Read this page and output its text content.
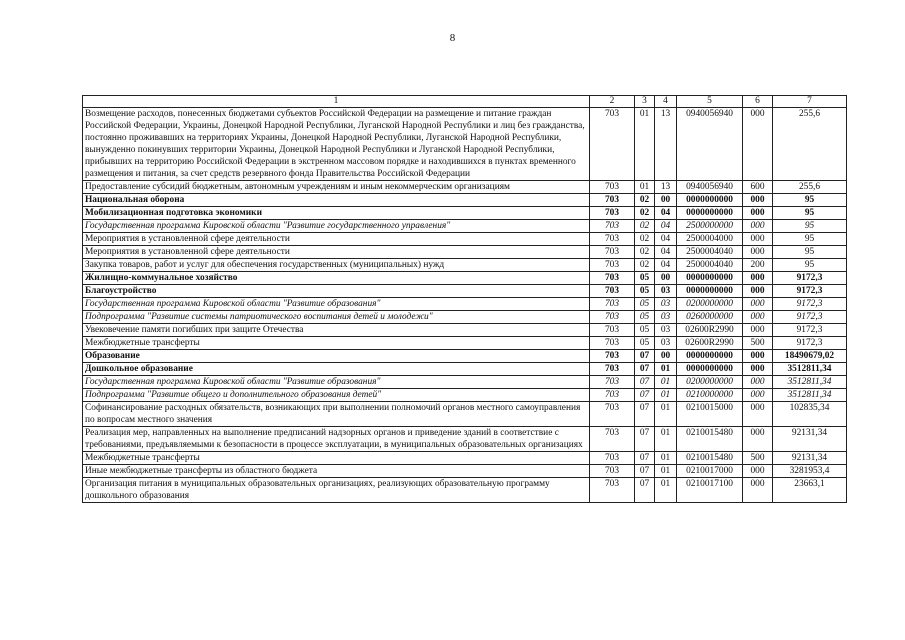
8
1	2	3	4	5	6	7
Возмещение расходов, понесенных бюджетами субъектов Российской Федерации на размещение и питание граждан Российской Федерации, Украины, Донецкой Народной Республики, Луганской Народной Республики и лиц без гражданства, постоянно проживавших на территориях Украины, Донецкой Народной Республики, Луганской Народной Республики, вынужденно покинувших территории Украины, Донецкой Народной Республики и Луганской Народной Республики, прибывших на территорию Российской Федерации в экстренном массовом порядке и находившихся в пунктах временного размещения и питания, за счет средств резервного фонда Правительства Российской Федерации	703	01	13	0940056940	000	255,6
Предоставление субсидий бюджетным, автономным учреждениям и иным некоммерческим организациям	703	01	13	0940056940	600	255,6
Национальная оборона	703	02	00	0000000000	000	95
Мобилизационная подготовка экономики	703	02	04	0000000000	000	95
Государственная программа Кировской области "Развитие государственного управления"	703	02	04	2500000000	000	95
Мероприятия в установленной сфере деятельности	703	02	04	2500004000	000	95
Мероприятия в установленной сфере деятельности	703	02	04	2500004040	000	95
Закупка товаров, работ и услуг для обеспечения государственных (муниципальных) нужд	703	02	04	2500004040	200	95
Жилищно-коммунальное хозяйство	703	05	00	0000000000	000	9172,3
Благоустройство	703	05	03	0000000000	000	9172,3
Государственная программа Кировской области "Развитие образования"	703	05	03	0200000000	000	9172,3
Подпрограмма "Развитие системы патриотического воспитания детей и молодежи"	703	05	03	0260000000	000	9172,3
Увековечение памяти погибших при защите Отечества	703	05	03	02600R2990	000	9172,3
Межбюджетные трансферты	703	05	03	02600R2990	500	9172,3
Образование	703	07	00	0000000000	000	18490679,02
Дошкольное образование	703	07	01	0000000000	000	3512811,34
Государственная программа Кировской области "Развитие образования"	703	07	01	0200000000	000	3512811,34
Подпрограмма "Развитие общего и дополнительного образования детей"	703	07	01	0210000000	000	3512811,34
Софинансирование расходных обязательств, возникающих при выполнении полномочий органов местного самоуправления по вопросам местного значения	703	07	01	0210015000	000	102835,34
Реализация мер, направленных на выполнение предписаний надзорных органов и приведение зданий в соответствие с требованиями, предъявляемыми к безопасности в процессе эксплуатации, в муниципальных образовательных организациях	703	07	01	0210015480	000	92131,34
Межбюджетные трансферты	703	07	01	0210015480	500	92131,34
Иные межбюджетные трансферты из областного бюджета	703	07	01	0210017000	000	3281953,4
Организация питания в муниципальных образовательных организациях, реализующих образовательную программу дошкольного образования	703	07	01	0210017100	000	23663,1
